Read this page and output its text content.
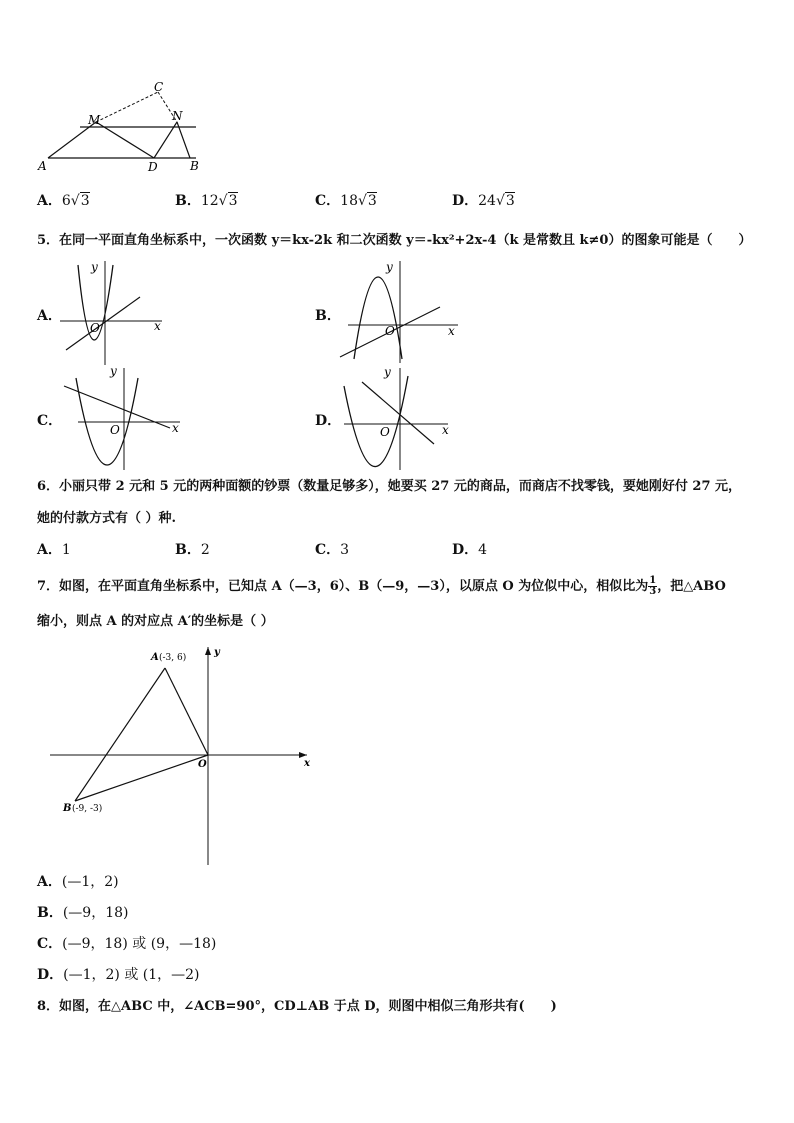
C
M	N
A	D	B
A．6√3	B．12√3	C．18√3	D．24√3
5．在同一平面直角坐标系中，一次函数 y＝kx-2k 和二次函数 y＝-kx²+2x-4（k 是常数且 k≠0）的图象可能是（　　）
A．
y
x
O
B．
y
x
O
C．
y
x
O
D．
y
x
O
6．小丽只带 2 元和 5 元的两种面额的钞票（数量足够多），她要买 27 元的商品，而商店不找零钱，要她刚好付 27 元，
她的付款方式有（ ）种.
A．1	B．2	C．3	D．4
7．如图，在平面直角坐标系中，已知点 A（—3，6）、B（—9，—3），以原点 O 为位似中心，相似比为 $\frac{1}{3}$ ，把△ABO
缩小，则点 A 的对应点 A′的坐标是（ ）
A (-3, 6)
B (-9, -3)
O	x
y
A．(—1，2)
B．(—9，18)
C．(—9，18) 或 (9，—18)
D．(—1，2) 或 (1，—2)
8．如图，在△ABC 中，∠ACB=90°，CD⊥AB 于点 D，则图中相似三角形共有(　　)
